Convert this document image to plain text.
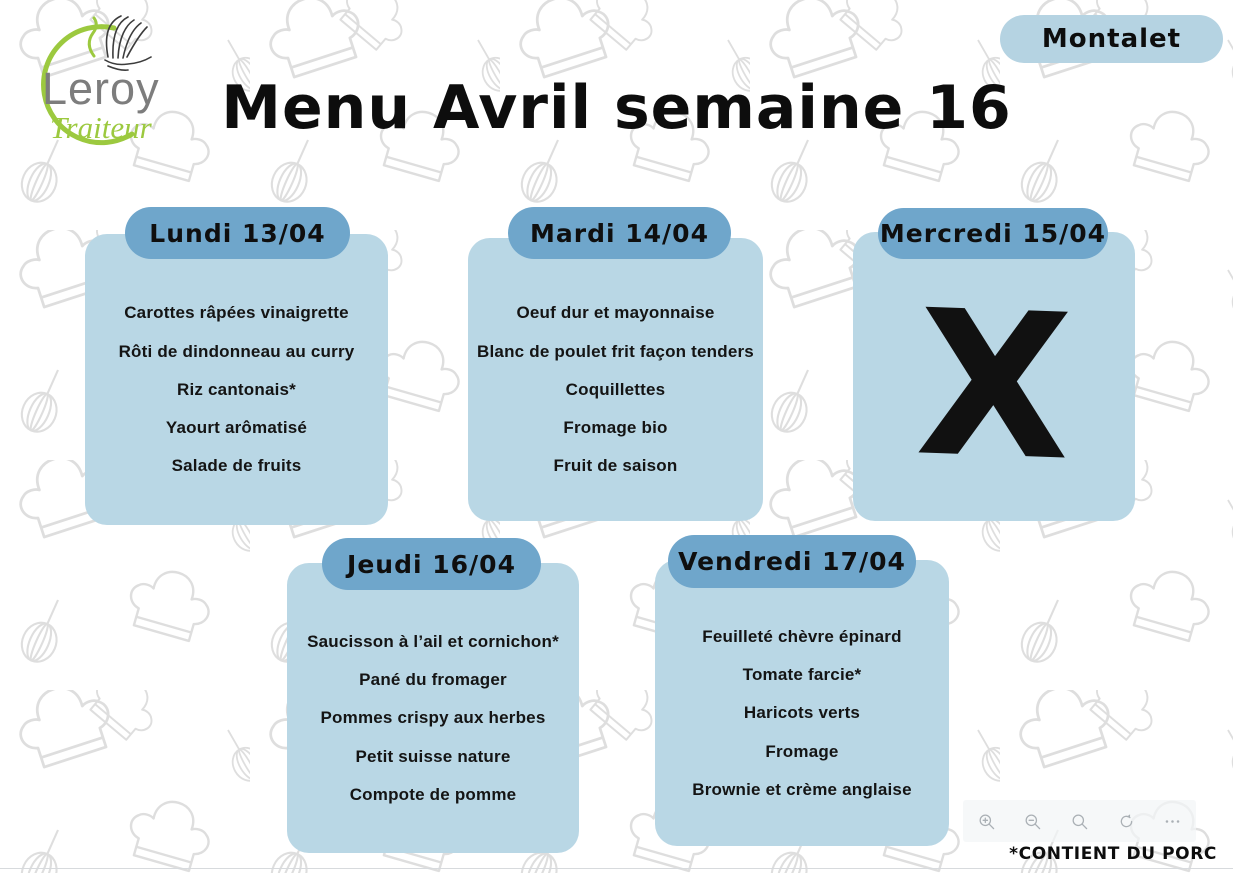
Leroy
Traiteur	Menu Avril semaine 16
Montalet
Lundi 13/04
Carottes râpées vinaigrette
Rôti de dindonneau au curry
Riz cantonais*
Yaourt arômatisé
Salade de fruits
Mardi 14/04
Oeuf dur et mayonnaise
Blanc de poulet frit façon tenders
Coquillettes
Fromage bio
Fruit de saison
Mercredi 15/04
X
Jeudi 16/04
Saucisson à l’ail et cornichon*
Pané du fromager
Pommes crispy aux herbes
Petit suisse nature
Compote de pomme
Vendredi 17/04
Feuilleté chèvre épinard
Tomate farcie*
Haricots verts
Fromage
Brownie et crème anglaise
*CONTIENT DU PORC
